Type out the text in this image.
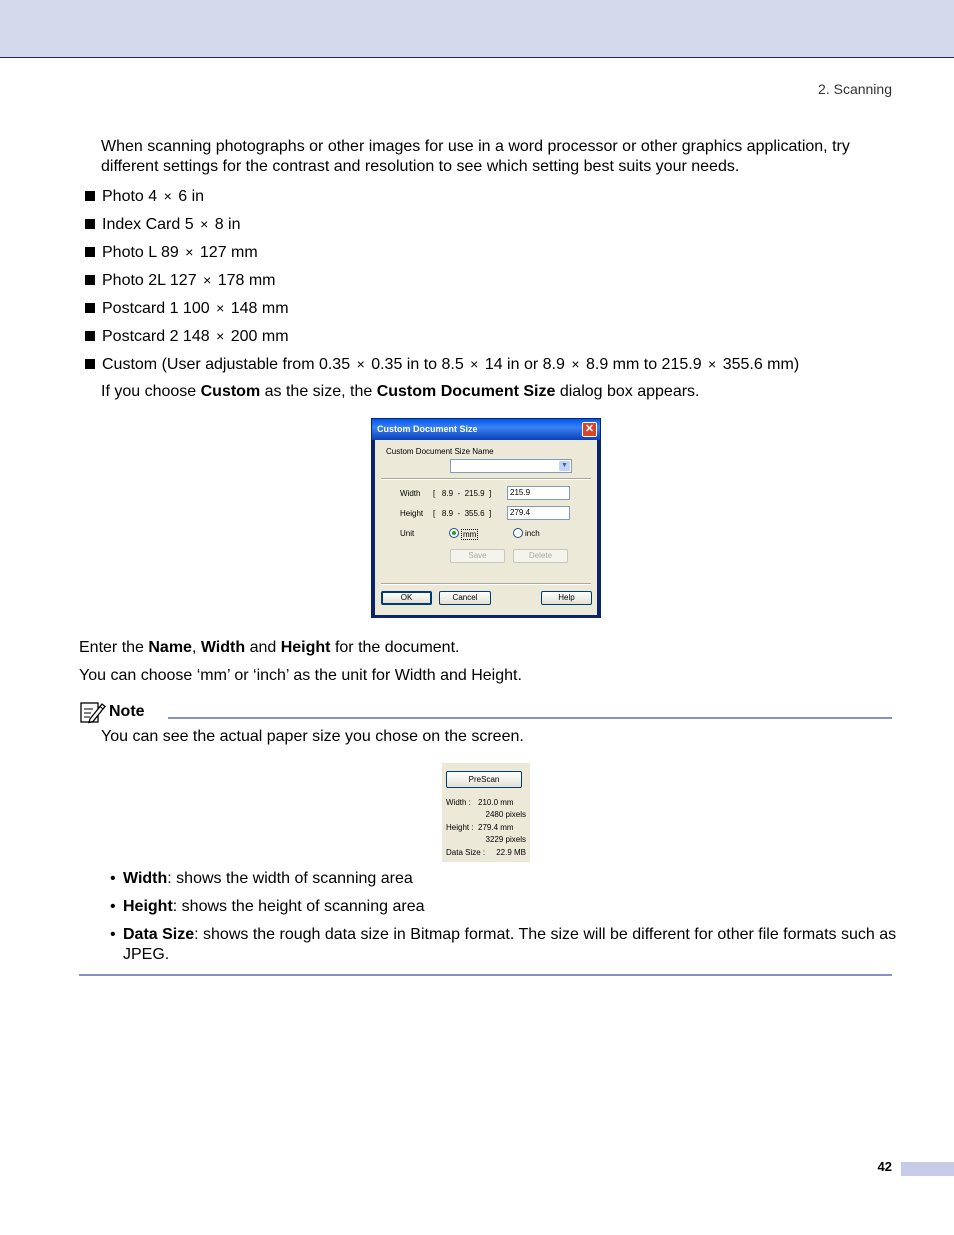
2. Scanning

When scanning photographs or other images for use in a word processor or other graphics application, try different settings for the contrast and resolution to see which setting best suits your needs.

Photo 4 × 6 in
Index Card 5 × 8 in
Photo L 89 × 127 mm
Photo 2L 127 × 178 mm
Postcard 1 100 × 148 mm
Postcard 2 148 × 200 mm
Custom (User adjustable from 0.35 × 0.35 in to 8.5 × 14 in or 8.9 × 8.9 mm to 215.9 × 355.6 mm)

If you choose Custom as the size, the Custom Document Size dialog box appears.

Custom Document Size	✕
Custom Document Size Name
▼
Width [   8.9  -  215.9  ]	215.9
Height [   8.9  -  355.6  ]	279.4
Unit	mm	inch
Save	Delete
OK	Cancel	Help

Enter the Name, Width and Height for the document.

You can choose ‘mm’ or ‘inch’ as the unit for Width and Height.

Note

You can see the actual paper size you chose on the screen.

PreScan
Width : 210.0 mm
2480 pixels
Height : 279.4 mm
3229 pixels
Data Size : 22.9 MB
• Width: shows the width of scanning area
• Height: shows the height of scanning area
• Data Size: shows the rough data size in Bitmap format. The size will be different for other file formats such as JPEG.
42
